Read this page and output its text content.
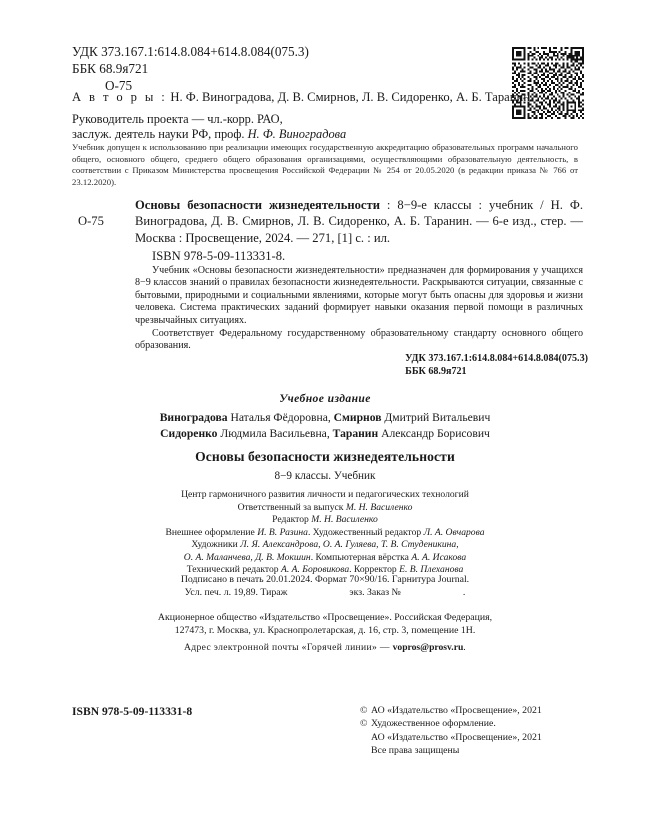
УДК 373.167.1:614.8.084+614.8.084(075.3)
ББК 68.9я721
О-75
А в т о р ы : Н. Ф. Виноградова, Д. В. Смирнов, Л. В. Сидоренко, А. Б. Таранин
Руководитель проекта — чл.-корр. РАО,
заслуж. деятель науки РФ, проф. Н. Ф. Виноградова
Учебник допущен к использованию при реализации имеющих государственную аккредитацию образовательных программ начального общего, основного общего, среднего общего образования организациями, осуществляющими образовательную деятельность, в соответствии с Приказом Министерства просвещения Российской Федерации № 254 от 20.05.2020 (в редакции приказа № 766 от 23.12.2020).
О-75
Основы безопасности жизнедеятельности : 8−9-е классы : учебник / Н. Ф. Виноградова, Д. В. Смирнов, Л. В. Сидоренко, А. Б. Таранин. — 6-е изд., стер. — Москва : Просвещение, 2024. — 271, [1] с. : ил.
ISBN 978-5-09-113331-8.

Учебник «Основы безопасности жизнедеятельности» предназначен для формирования у учащихся 8−9 классов знаний о правилах безопасности жизнедеятельности. Раскрываются ситуации, связанные с бытовыми, природными и социальными явлениями, которые могут быть опасны для здоровья и жизни человека. Система практических заданий формирует навыки оказания первой помощи в различных чрезвычайных ситуациях.

Соответствует Федеральному государственному образовательному стандарту основного общего образования.

УДК 373.167.1:614.8.084+614.8.084(075.3)
ББК 68.9я721
Учебное издание
Виноградова Наталья Фёдоровна, Смирнов Дмитрий Витальевич
Сидоренко Людмила Васильевна, Таранин Александр Борисович
Основы безопасности жизнедеятельности
8−9 классы. Учебник
Центр гармоничного развития личности и педагогических технологий
Ответственный за выпуск М. Н. Василенко
Редактор М. Н. Василенко
Внешнее оформление И. В. Разина. Художественный редактор Л. А. Овчарова
Художники Л. Я. Александрова, О. А. Гуляева, Т. В. Студеникина,
О. А. Маланчева, Д. В. Мокшин. Компьютерная вёрстка А. А. Исакова
Технический редактор А. А. Боровикова. Корректор Е. В. Плеханова
Подписано в печать 20.01.2024. Формат 70×90/16. Гарнитура Journal.
Усл. печ. л. 19,89. Тираж	экз. Заказ №	.
Акционерное общество «Издательство «Просвещение». Российская Федерация,
127473, г. Москва, ул. Краснопролетарская, д. 16, стр. 3, помещение 1Н.
Адрес электронной почты «Горячей линии» — vopros@prosv.ru.
ISBN 978-5-09-113331-8	© АО «Издательство «Просвещение», 2021
© Художественное оформление.
АО «Издательство «Просвещение», 2021
Все права защищены
